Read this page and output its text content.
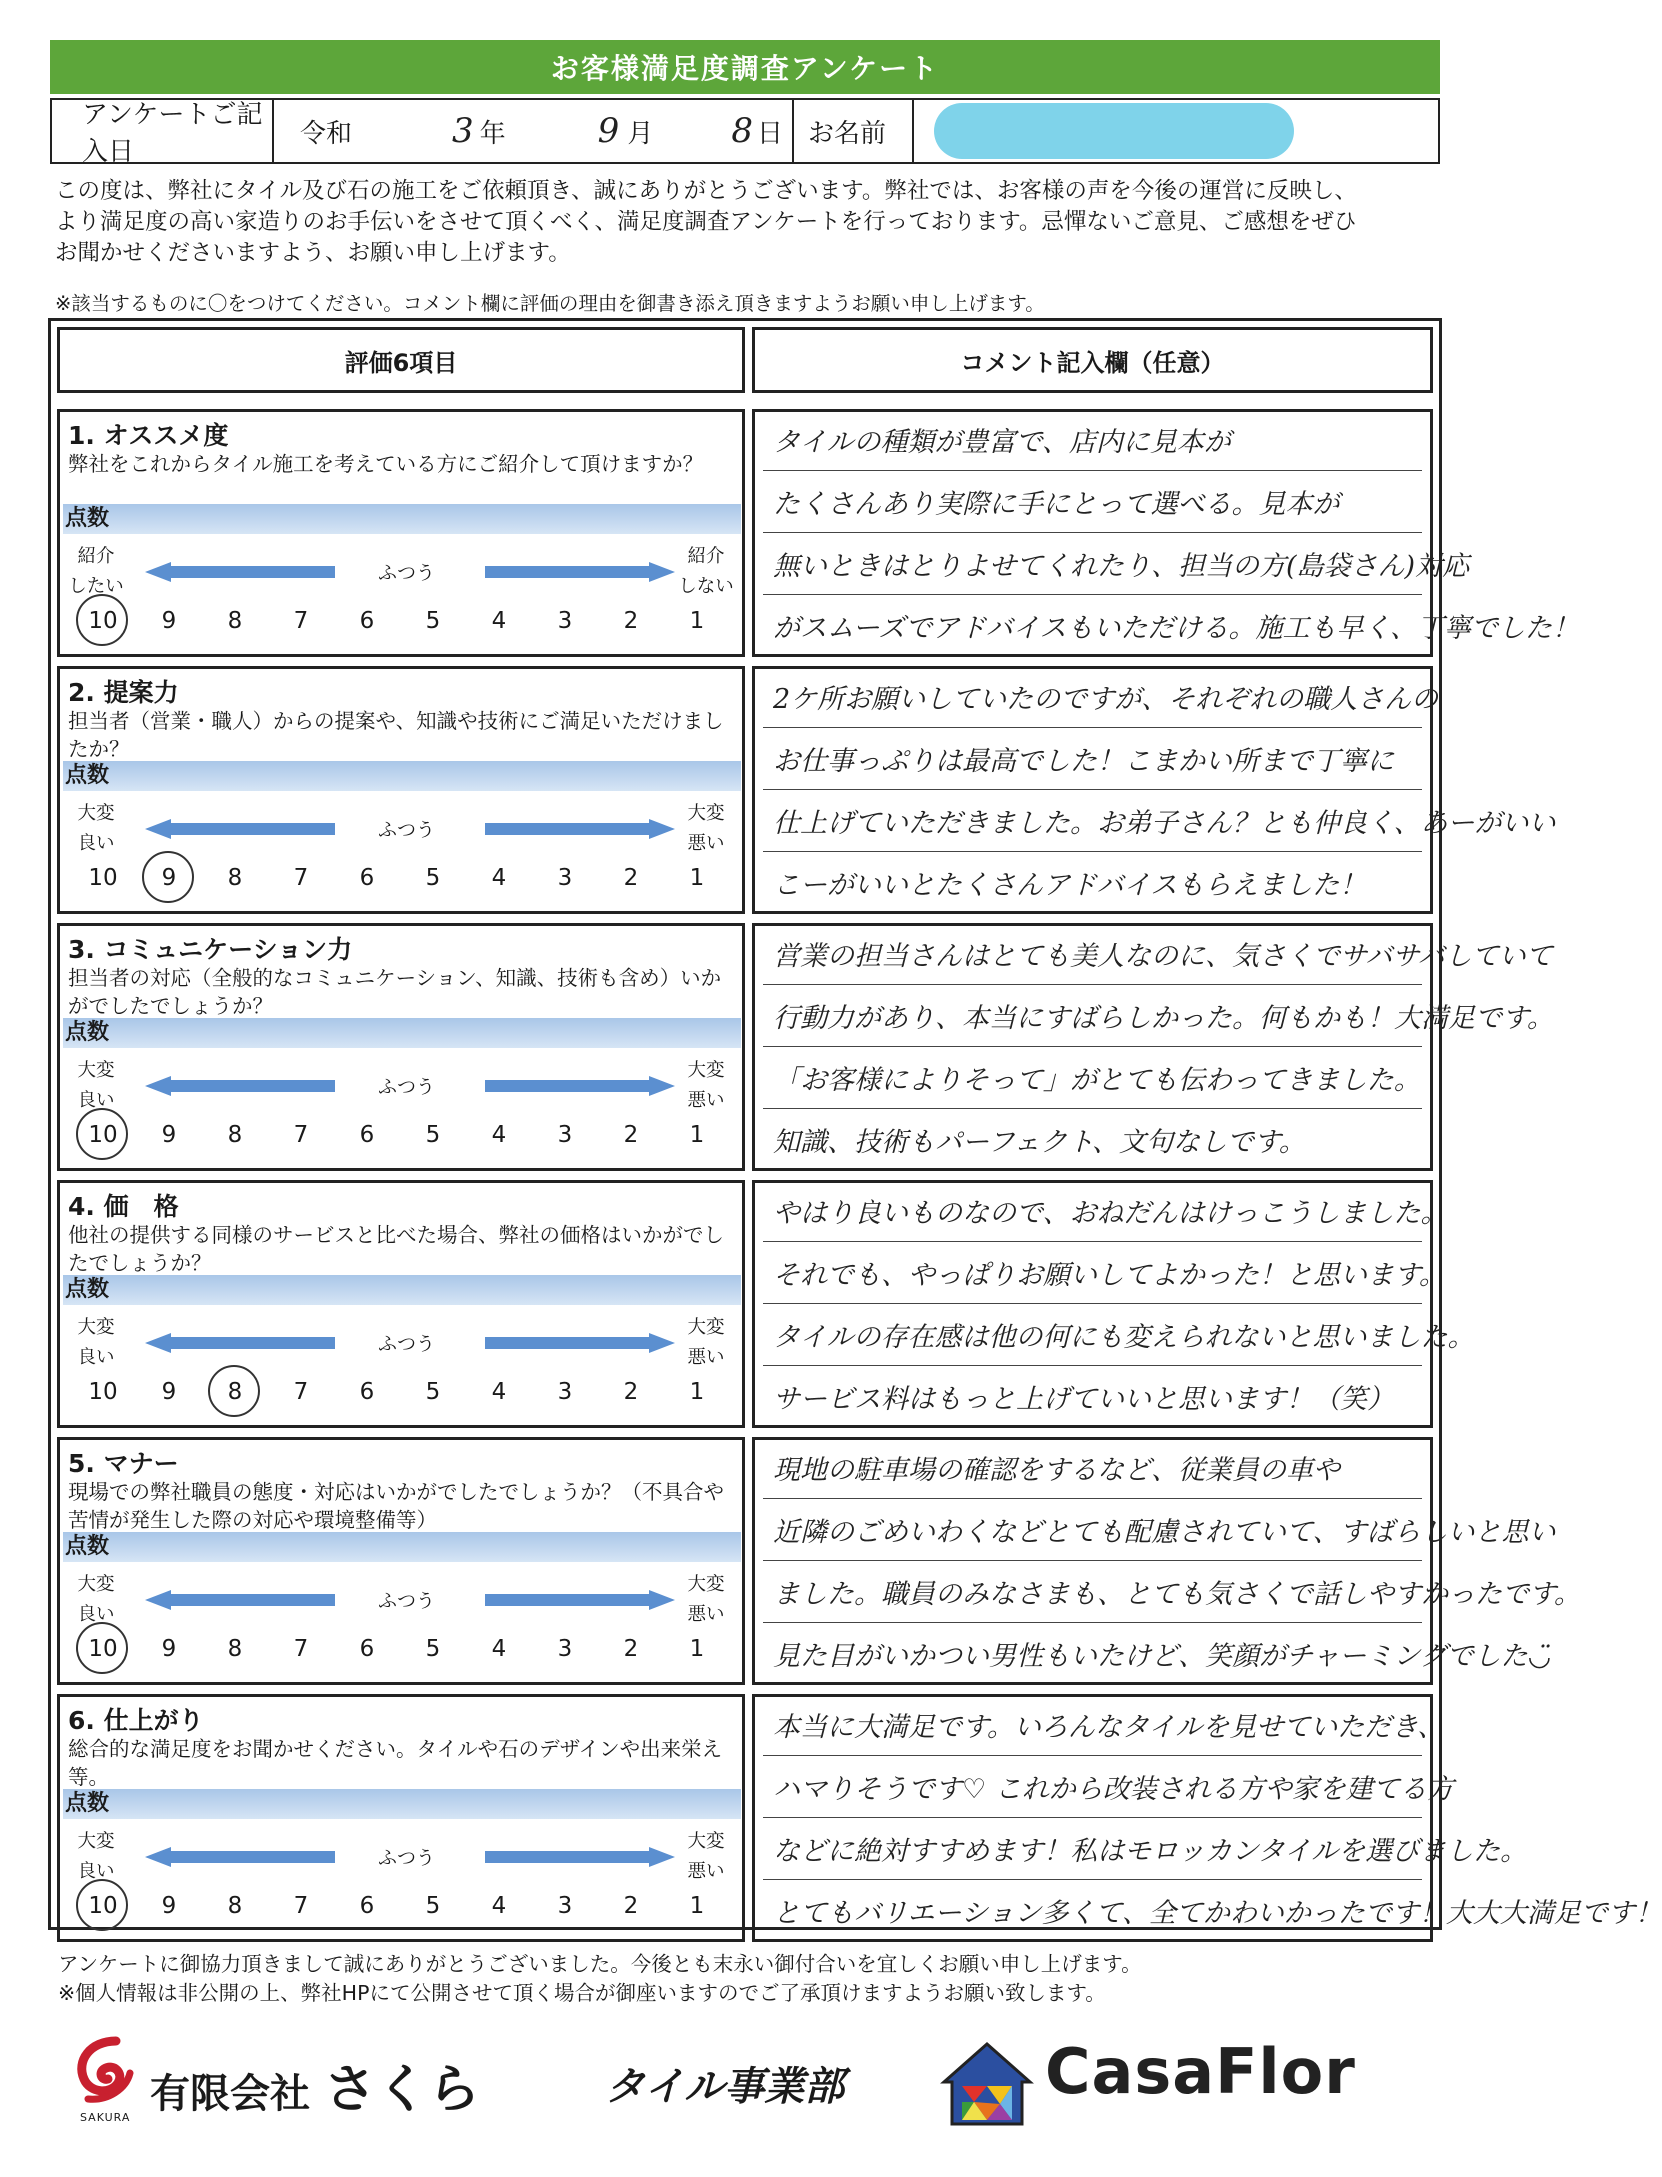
お客様満足度調査アンケート
アンケートご記入日
令和	3 年	9 月 8 日 お名前
この度は、弊社にタイル及び石の施工をご依頼頂き、誠にありがとうございます。弊社では、お客様の声を今後の運営に反映し、
より満足度の高い家造りのお手伝いをさせて頂くべく、満足度調査アンケートを行っております。忌憚ないご意見、ご感想をぜひ
お聞かせくださいますよう、お願い申し上げます。
※該当するものに〇をつけてください。コメント欄に評価の理由を御書き添え頂きますようお願い申し上げます。
評価6項目	コメント記入欄（任意）
1. オススメ度
弊社をこれからタイル施工を考えている方にご紹介して頂けますか？
点数
紹介
したい
ふつう
紹介
しない
10	9	8	7	6	5	4	3	2	1
タイルの種類が豊富で、店内に見本が
たくさんあり実際に手にとって選べる。見本が
無いときはとりよせてくれたり、担当の方(島袋さん)対応
がスムーズでアドバイスもいただける。施工も早く、丁寧でした！
2. 提案力
担当者（営業・職人）からの提案や、知識や技術にご満足いただけましたか？
点数
大変
良い
ふつう
大変
悪い
10	9	8	7	6	5	4	3	2	1
2ケ所お願いしていたのですが、それぞれの職人さんの
お仕事っぷりは最高でした！こまかい所まで丁寧に
仕上げていただきました。お弟子さん？とも仲良く、あーがいい
こーがいいとたくさんアドバイスもらえました！
3. コミュニケーション力
担当者の対応（全般的なコミュニケーション、知識、技術も含め）いかがでしたでしょうか？
点数
大変
良い
ふつう
大変
悪い
10	9	8	7	6	5	4	3	2	1
営業の担当さんはとても美人なのに、気さくでサバサバしていて
行動力があり、本当にすばらしかった。何もかも！大満足です。
「お客様によりそって」がとても伝わってきました。
知識、技術もパーフェクト、文句なしです。
4. 価　格
他社の提供する同様のサービスと比べた場合、弊社の価格はいかがでしたでしょうか？
点数
大変
良い
ふつう
大変
悪い
10	9	8	7	6	5	4	3	2	1
やはり良いものなので、おねだんはけっこうしました。
それでも、やっぱりお願いしてよかった！と思います。
タイルの存在感は他の何にも変えられないと思いました。
サービス料はもっと上げていいと思います！（笑）
5. マナー
現場での弊社職員の態度・対応はいかがでしたでしょうか？（不具合や苦情が発生した際の対応や環境整備等）
点数
大変
良い
ふつう
大変
悪い
10	9	8	7	6	5	4	3	2	1
現地の駐車場の確認をするなど、従業員の車や
近隣のごめいわくなどとても配慮されていて、すばらしいと思い
ました。職員のみなさまも、とても気さくで話しやすかったです。
見た目がいかつい男性もいたけど、笑顔がチャーミングでした◡̈
6. 仕上がり
総合的な満足度をお聞かせください。タイルや石のデザインや出来栄え等。
点数
大変
良い
ふつう
大変
悪い
10	9	8	7	6	5	4	3	2	1
本当に大満足です。いろんなタイルを見せていただき、
ハマりそうです♡ これから改装される方や家を建てる方
などに絶対すすめます！私はモロッカンタイルを選びました。
とてもバリエーション多くて、全てかわいかったです！大大大満足です！
アンケートに御協力頂きまして誠にありがとうございました。今後とも末永い御付合いを宜しくお願い申し上げます。
※個人情報は非公開の上、弊社HPにて公開させて頂く場合が御座いますのでご了承頂けますようお願い致します。
SAKURA
有限会社 さくら	タイル事業部	CasaFlor
